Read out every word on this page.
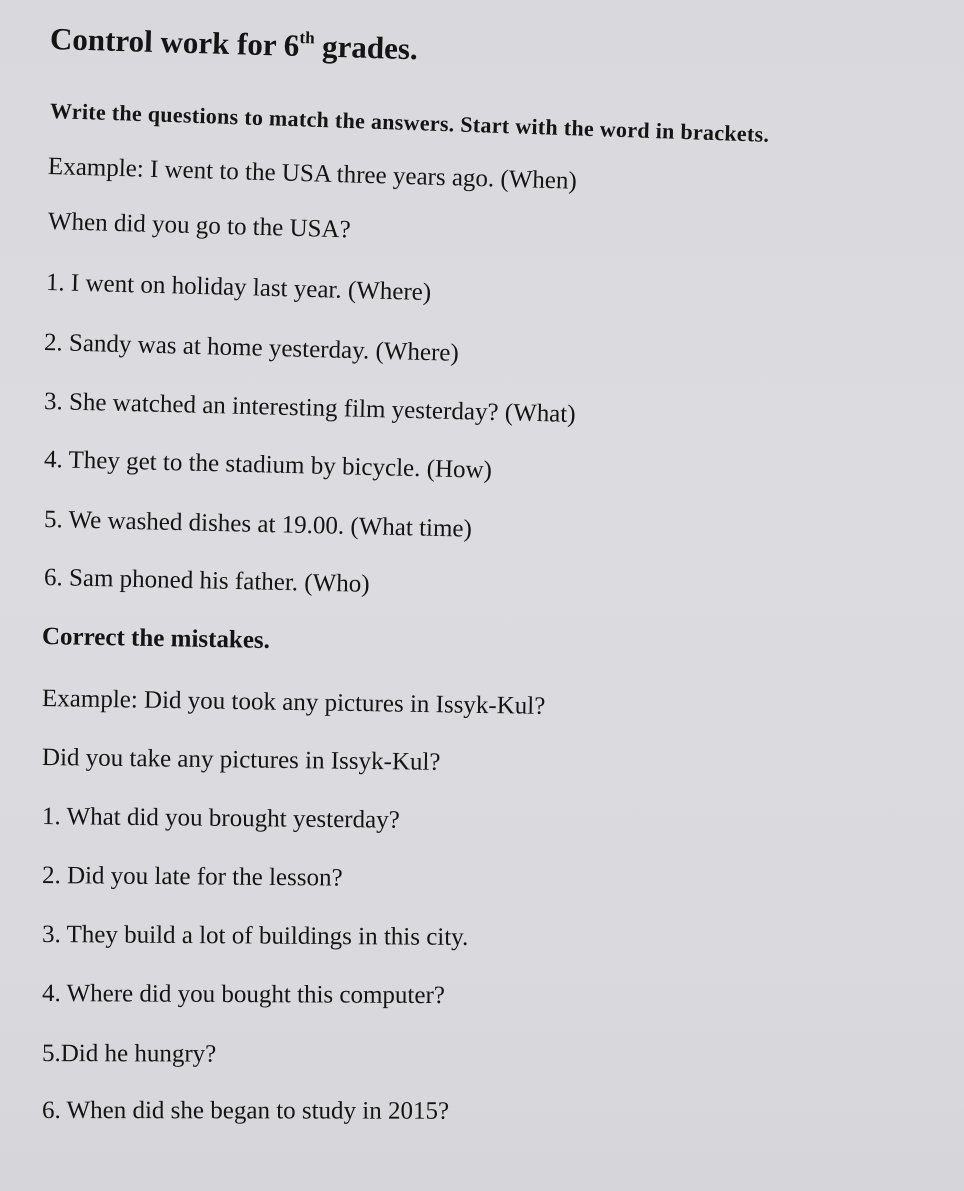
Control work for 6th grades.
Write the questions to match the answers. Start with the word in brackets.
Example: I went to the USA three years ago. (When)
When did you go to the USA?
1. I went on holiday last year. (Where)
2. Sandy was at home yesterday. (Where)
3. She watched an interesting film yesterday? (What)
4. They get to the stadium by bicycle. (How)
5. We washed dishes at 19.00. (What time)
6. Sam phoned his father. (Who)
Correct the mistakes.
Example: Did you took any pictures in Issyk-Kul?
Did you take any pictures in Issyk-Kul?
1. What did you brought yesterday?
2. Did you late for the lesson?
3. They build a lot of buildings in this city.
4. Where did you bought this computer?
5.Did he hungry?
6. When did she began to study in 2015?
